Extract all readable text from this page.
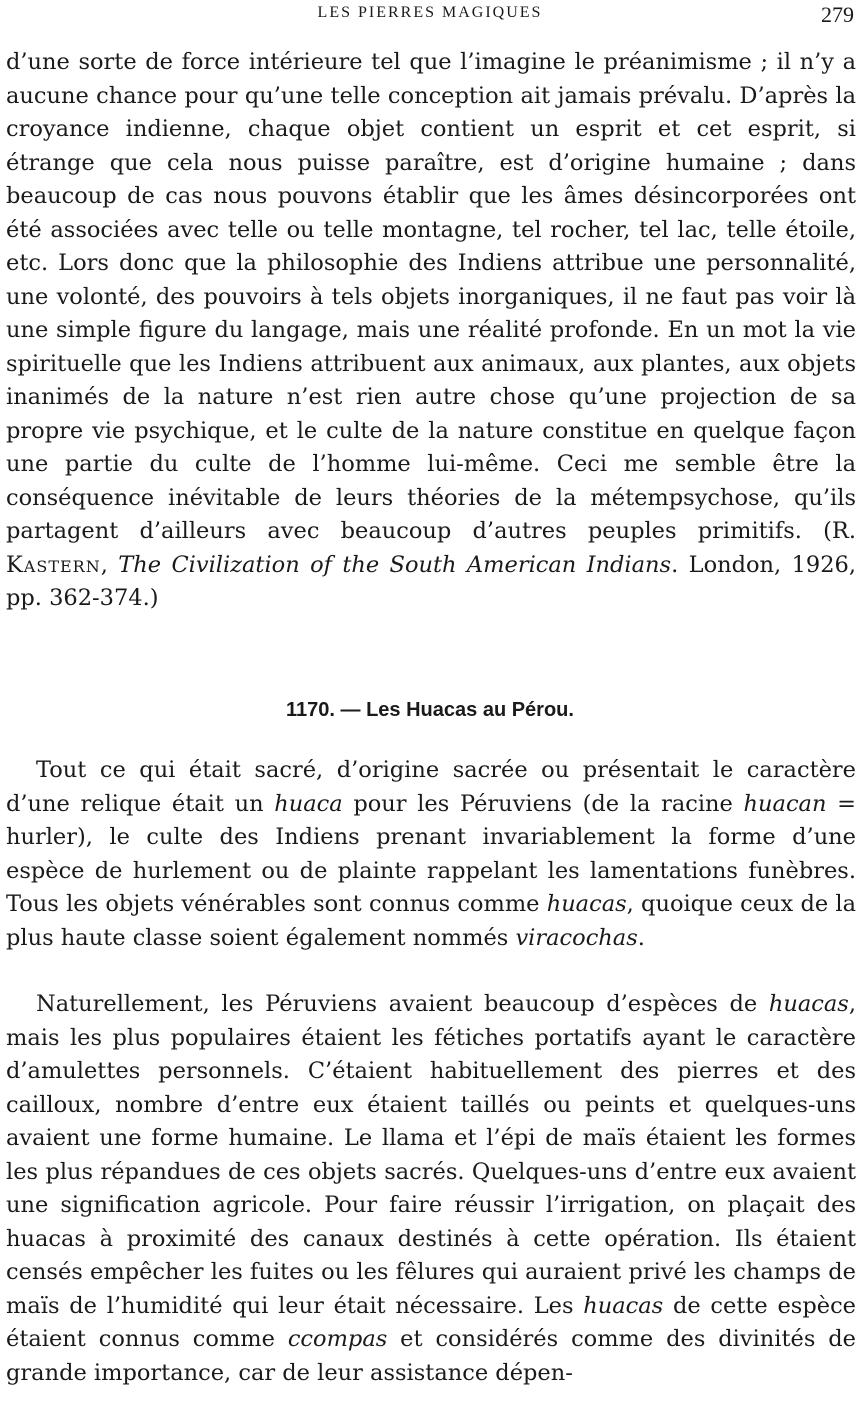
LES PIERRES MAGIQUES	279

d’une sorte de force intérieure tel que l’imagine le préanimisme ; il n’y a aucune chance pour qu’une telle conception ait jamais prévalu. D’après la croyance indienne, chaque objet contient un esprit et cet esprit, si étrange que cela nous puisse paraître, est d’origine humaine ; dans beaucoup de cas nous pouvons établir que les âmes désincorporées ont été associées avec telle ou telle montagne, tel rocher, tel lac, telle étoile, etc. Lors donc que la philosophie des Indiens attribue une personnalité, une volonté, des pouvoirs à tels objets inorganiques, il ne faut pas voir là une simple figure du langage, mais une réalité profonde. En un mot la vie spirituelle que les Indiens attribuent aux animaux, aux plantes, aux objets inanimés de la nature n’est rien autre chose qu’une projection de sa propre vie psychique, et le culte de la nature constitue en quelque façon une partie du culte de l’homme lui-même. Ceci me semble être la conséquence inévitable de leurs théories de la métempsychose, qu’ils partagent d’ailleurs avec beaucoup d’autres peuples primitifs. (R. Kastern, The Civilization of the South American Indians. London, 1926, pp. 362-374.)

1170. — Les Huacas au Pérou.

Tout ce qui était sacré, d’origine sacrée ou présentait le caractère d’une relique était un huaca pour les Péruviens (de la racine huacan = hurler), le culte des Indiens prenant invariablement la forme d’une espèce de hurlement ou de plainte rappelant les lamentations funèbres. Tous les objets vénérables sont connus comme huacas, quoique ceux de la plus haute classe soient également nommés viracochas.

Naturellement, les Péruviens avaient beaucoup d’espèces de huacas, mais les plus populaires étaient les fétiches portatifs ayant le caractère d’amulettes personnels. C’étaient habituellement des pierres et des cailloux, nombre d’entre eux étaient taillés ou peints et quelques-uns avaient une forme humaine. Le llama et l’épi de maïs étaient les formes les plus répandues de ces objets sacrés. Quelques-uns d’entre eux avaient une signification agricole. Pour faire réussir l’irrigation, on plaçait des huacas à proximité des canaux destinés à cette opération. Ils étaient censés empêcher les fuites ou les fêlures qui auraient privé les champs de maïs de l’humidité qui leur était nécessaire. Les huacas de cette espèce étaient connus comme ccompas et considérés comme des divinités de grande importance, car de leur assistance dépen-
